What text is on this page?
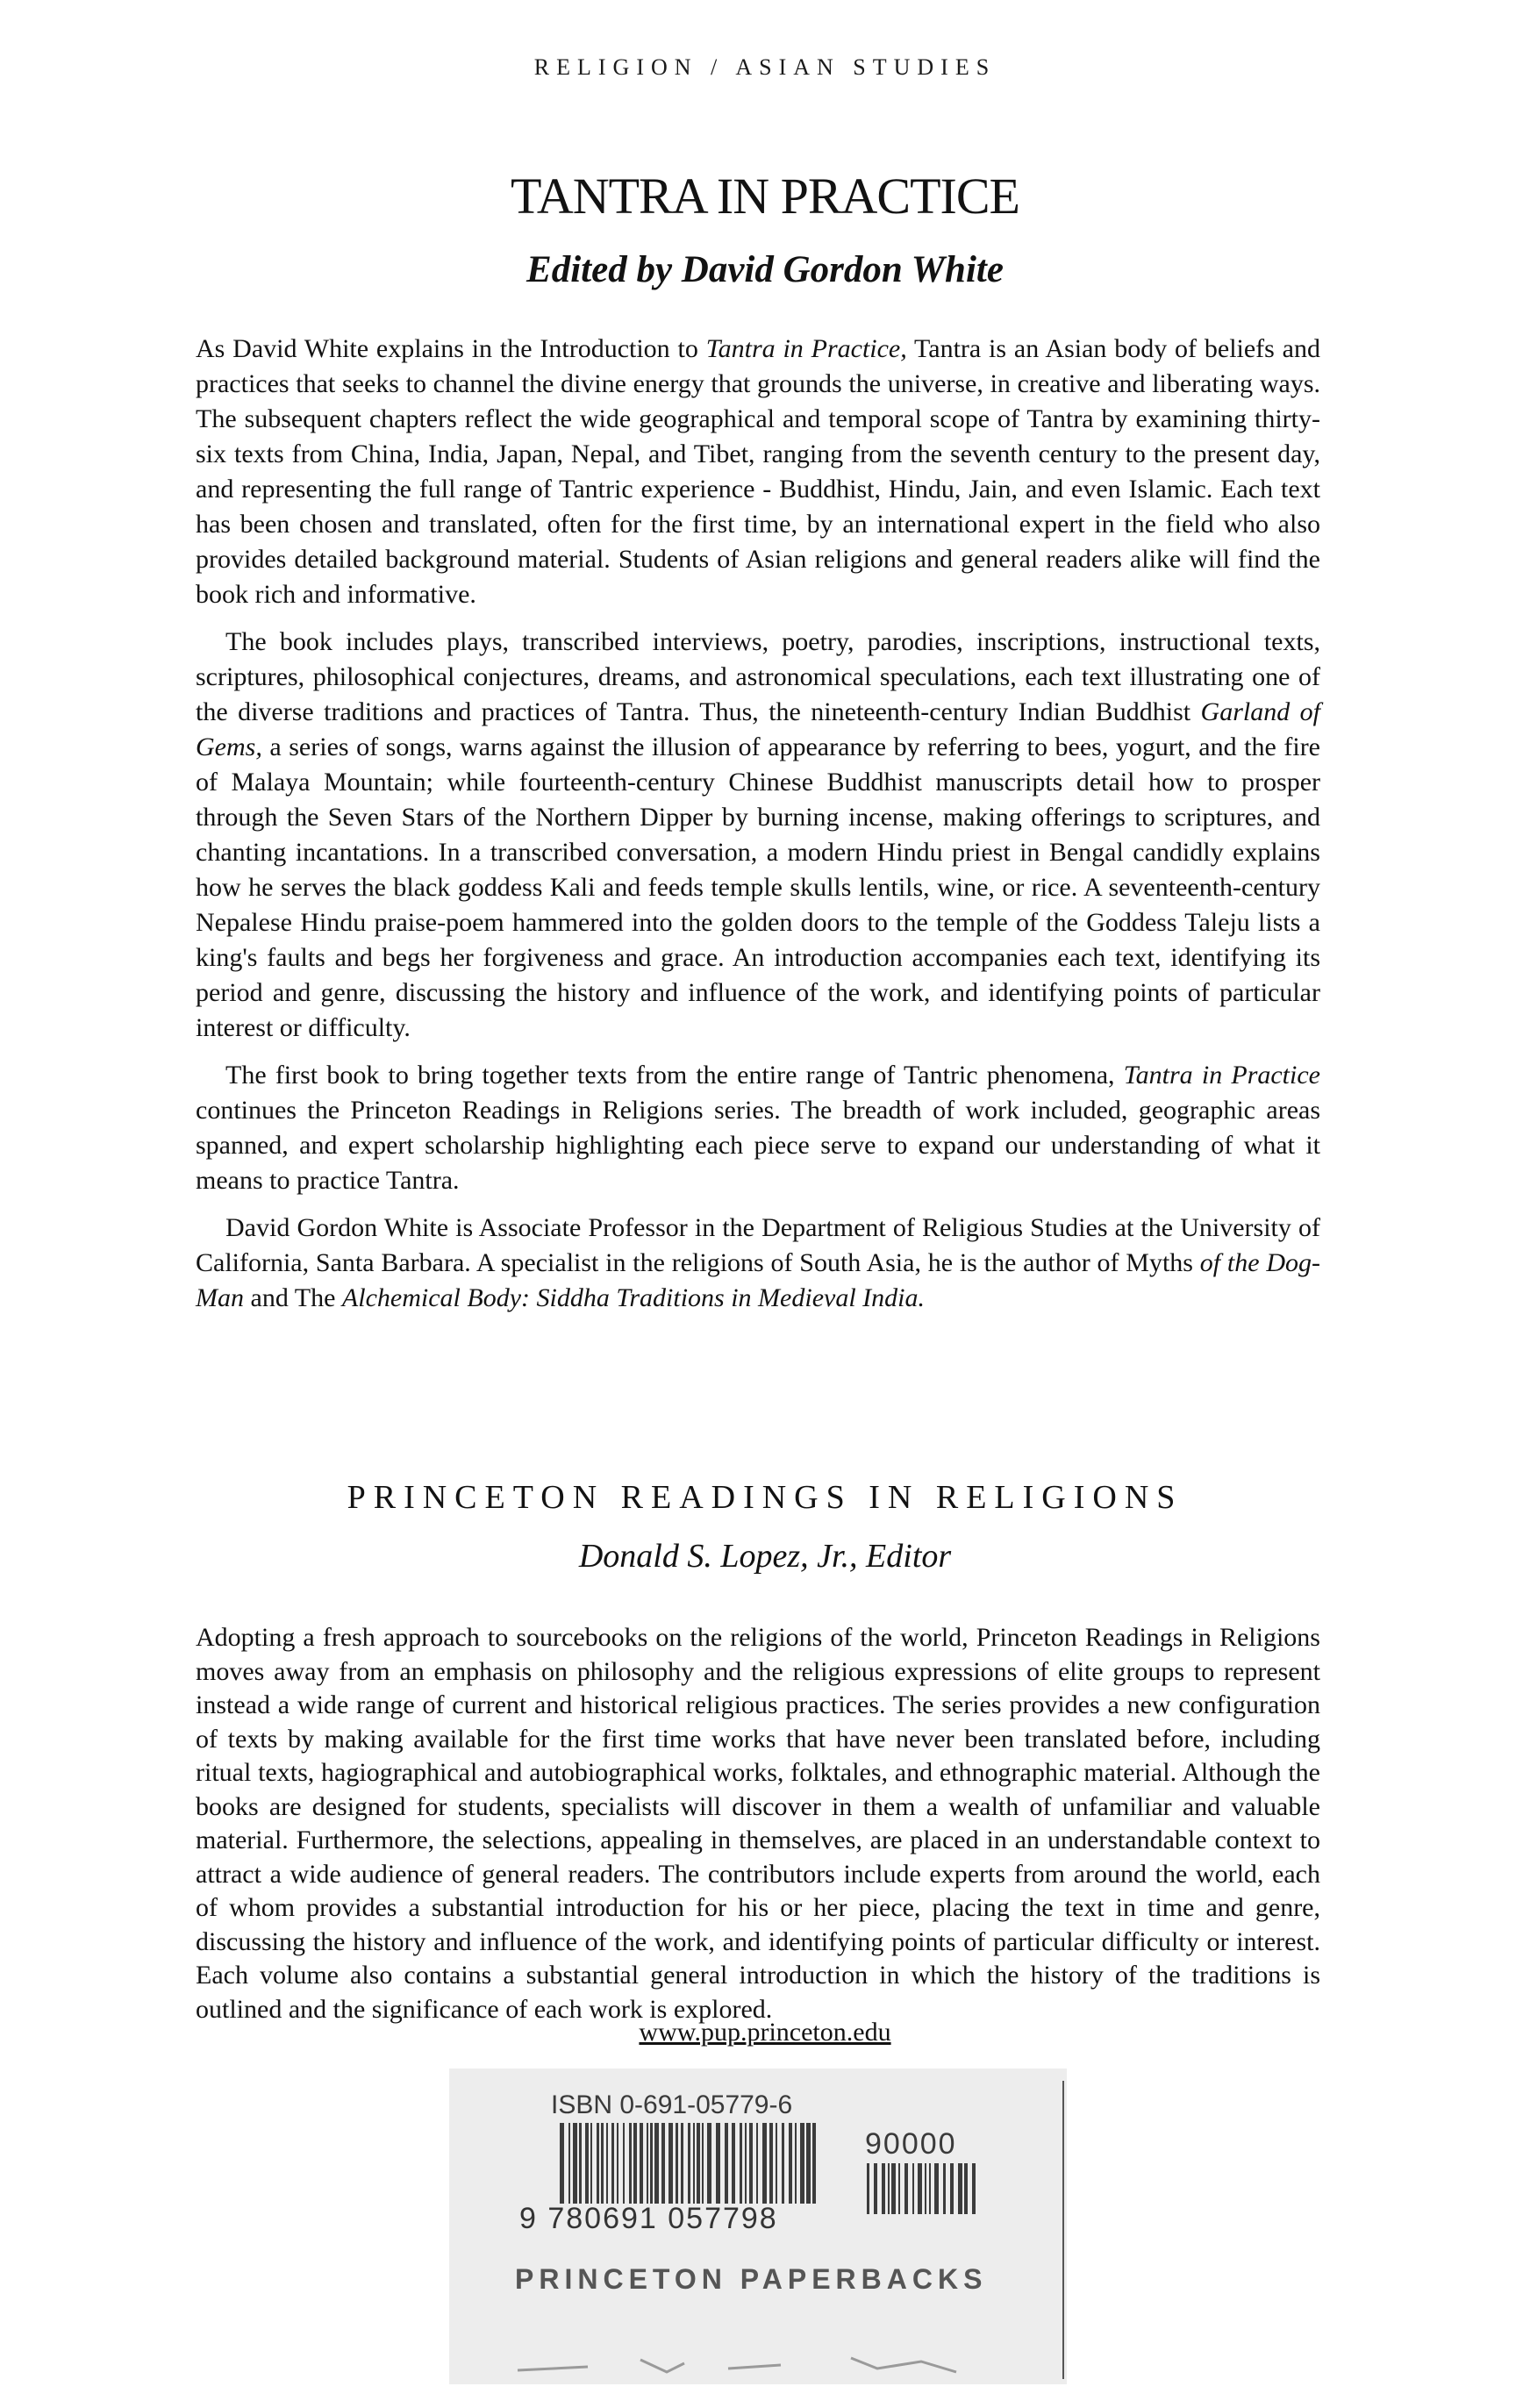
RELIGION / ASIAN STUDIES
TANTRA IN PRACTICE
Edited by David Gordon White

As David White explains in the Introduction to Tantra in Practice, Tantra is an Asian body of beliefs and practices that seeks to channel the divine energy that grounds the universe, in creative and liberating ways. The subsequent chapters reflect the wide geographical and temporal scope of Tantra by examining thirty-six texts from China, India, Japan, Nepal, and Tibet, ranging from the seventh century to the present day, and representing the full range of Tantric experience - Buddhist, Hindu, Jain, and even Islamic. Each text has been chosen and translated, often for the first time, by an international expert in the field who also provides detailed background material. Students of Asian religions and general readers alike will find the book rich and informative.

The book includes plays, transcribed interviews, poetry, parodies, inscriptions, instructional texts, scriptures, philosophical conjectures, dreams, and astronomical speculations, each text illustrating one of the diverse traditions and practices of Tantra. Thus, the nineteenth-century Indian Buddhist Garland of Gems, a series of songs, warns against the illusion of appearance by referring to bees, yogurt, and the fire of Malaya Mountain; while fourteenth-century Chinese Buddhist manuscripts detail how to prosper through the Seven Stars of the Northern Dipper by burning incense, making offerings to scriptures, and chanting incantations. In a transcribed conversation, a modern Hindu priest in Bengal candidly explains how he serves the black goddess Kali and feeds temple skulls lentils, wine, or rice. A seventeenth-century Nepalese Hindu praise-poem hammered into the golden doors to the temple of the Goddess Taleju lists a king's faults and begs her forgiveness and grace. An introduction accompanies each text, identifying its period and genre, discussing the history and influence of the work, and identifying points of particular interest or difficulty.

The first book to bring together texts from the entire range of Tantric phenomena, Tantra in Practice continues the Princeton Readings in Religions series. The breadth of work included, geographic areas spanned, and expert scholarship highlighting each piece serve to expand our understanding of what it means to practice Tantra.

David Gordon White is Associate Professor in the Department of Religious Studies at the University of California, Santa Barbara. A specialist in the religions of South Asia, he is the author of Myths of the Dog-Man and The Alchemical Body: Siddha Traditions in Medieval India.

PRINCETON READINGS IN RELIGIONS
Donald S. Lopez, Jr., Editor

Adopting a fresh approach to sourcebooks on the religions of the world, Princeton Readings in Religions moves away from an emphasis on philosophy and the religious expressions of elite groups to represent instead a wide range of current and historical religious practices. The series provides a new configuration of texts by making available for the first time works that have never been translated before, including ritual texts, hagiographical and autobiographical works, folktales, and ethnographic material. Although the books are designed for students, specialists will discover in them a wealth of unfamiliar and valuable material. Furthermore, the selections, appealing in themselves, are placed in an understandable context to attract a wide audience of general readers. The contributors include experts from around the world, each of whom provides a substantial introduction for his or her piece, placing the text in time and genre, discussing the history and influence of the work, and identifying points of particular difficulty or interest. Each volume also contains a substantial general introduction in which the history of the traditions is outlined and the significance of each work is explored.

www.pup.princeton.edu
ISBN 0-691-05779-6
90000
9 780691 057798
PRINCETON PAPERBACKS
